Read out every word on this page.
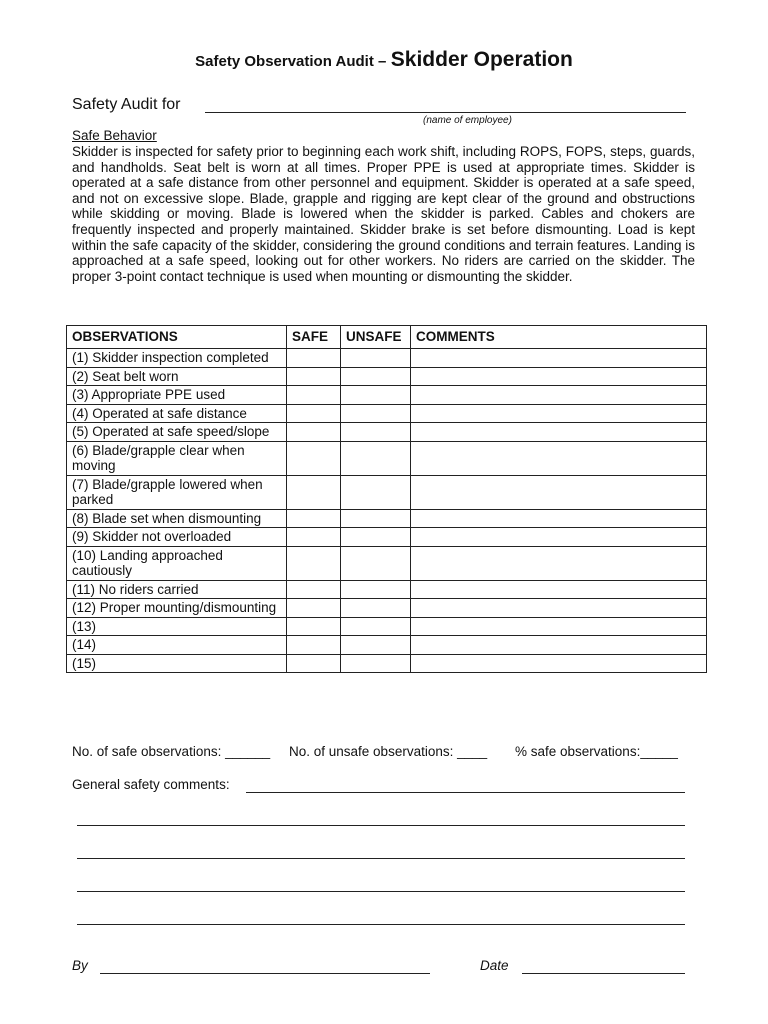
Safety Observation Audit – Skidder Operation
Safety Audit for
(name of employee)
Safe Behavior
Skidder is inspected for safety prior to beginning each work shift, including ROPS, FOPS, steps, guards, and handholds. Seat belt is worn at all times. Proper PPE is used at appropriate times. Skidder is operated at a safe distance from other personnel and equipment. Skidder is operated at a safe speed, and not on excessive slope. Blade, grapple and rigging are kept clear of the ground and obstructions while skidding or moving. Blade is lowered when the skidder is parked. Cables and chokers are frequently inspected and properly maintained. Skidder brake is set before dismounting. Load is kept within the safe capacity of the skidder, considering the ground conditions and terrain features. Landing is approached at a safe speed, looking out for other workers. No riders are carried on the skidder. The proper 3-point contact technique is used when mounting or dismounting the skidder.
OBSERVATIONS	SAFE	UNSAFE	COMMENTS
(1) Skidder inspection completed			
(2) Seat belt worn			
(3) Appropriate PPE used			
(4) Operated at safe distance			
(5) Operated at safe speed/slope			
(6) Blade/grapple clear when moving			
(7) Blade/grapple lowered when parked			
(8) Blade set when dismounting			
(9) Skidder not overloaded			
(10) Landing approached cautiously			
(11) No riders carried			
(12) Proper mounting/dismounting			
(13)			
(14)			
(15)			
No. of safe observations: ______ No. of unsafe observations: ____ % safe observations:_____
General safety comments:
By	Date
